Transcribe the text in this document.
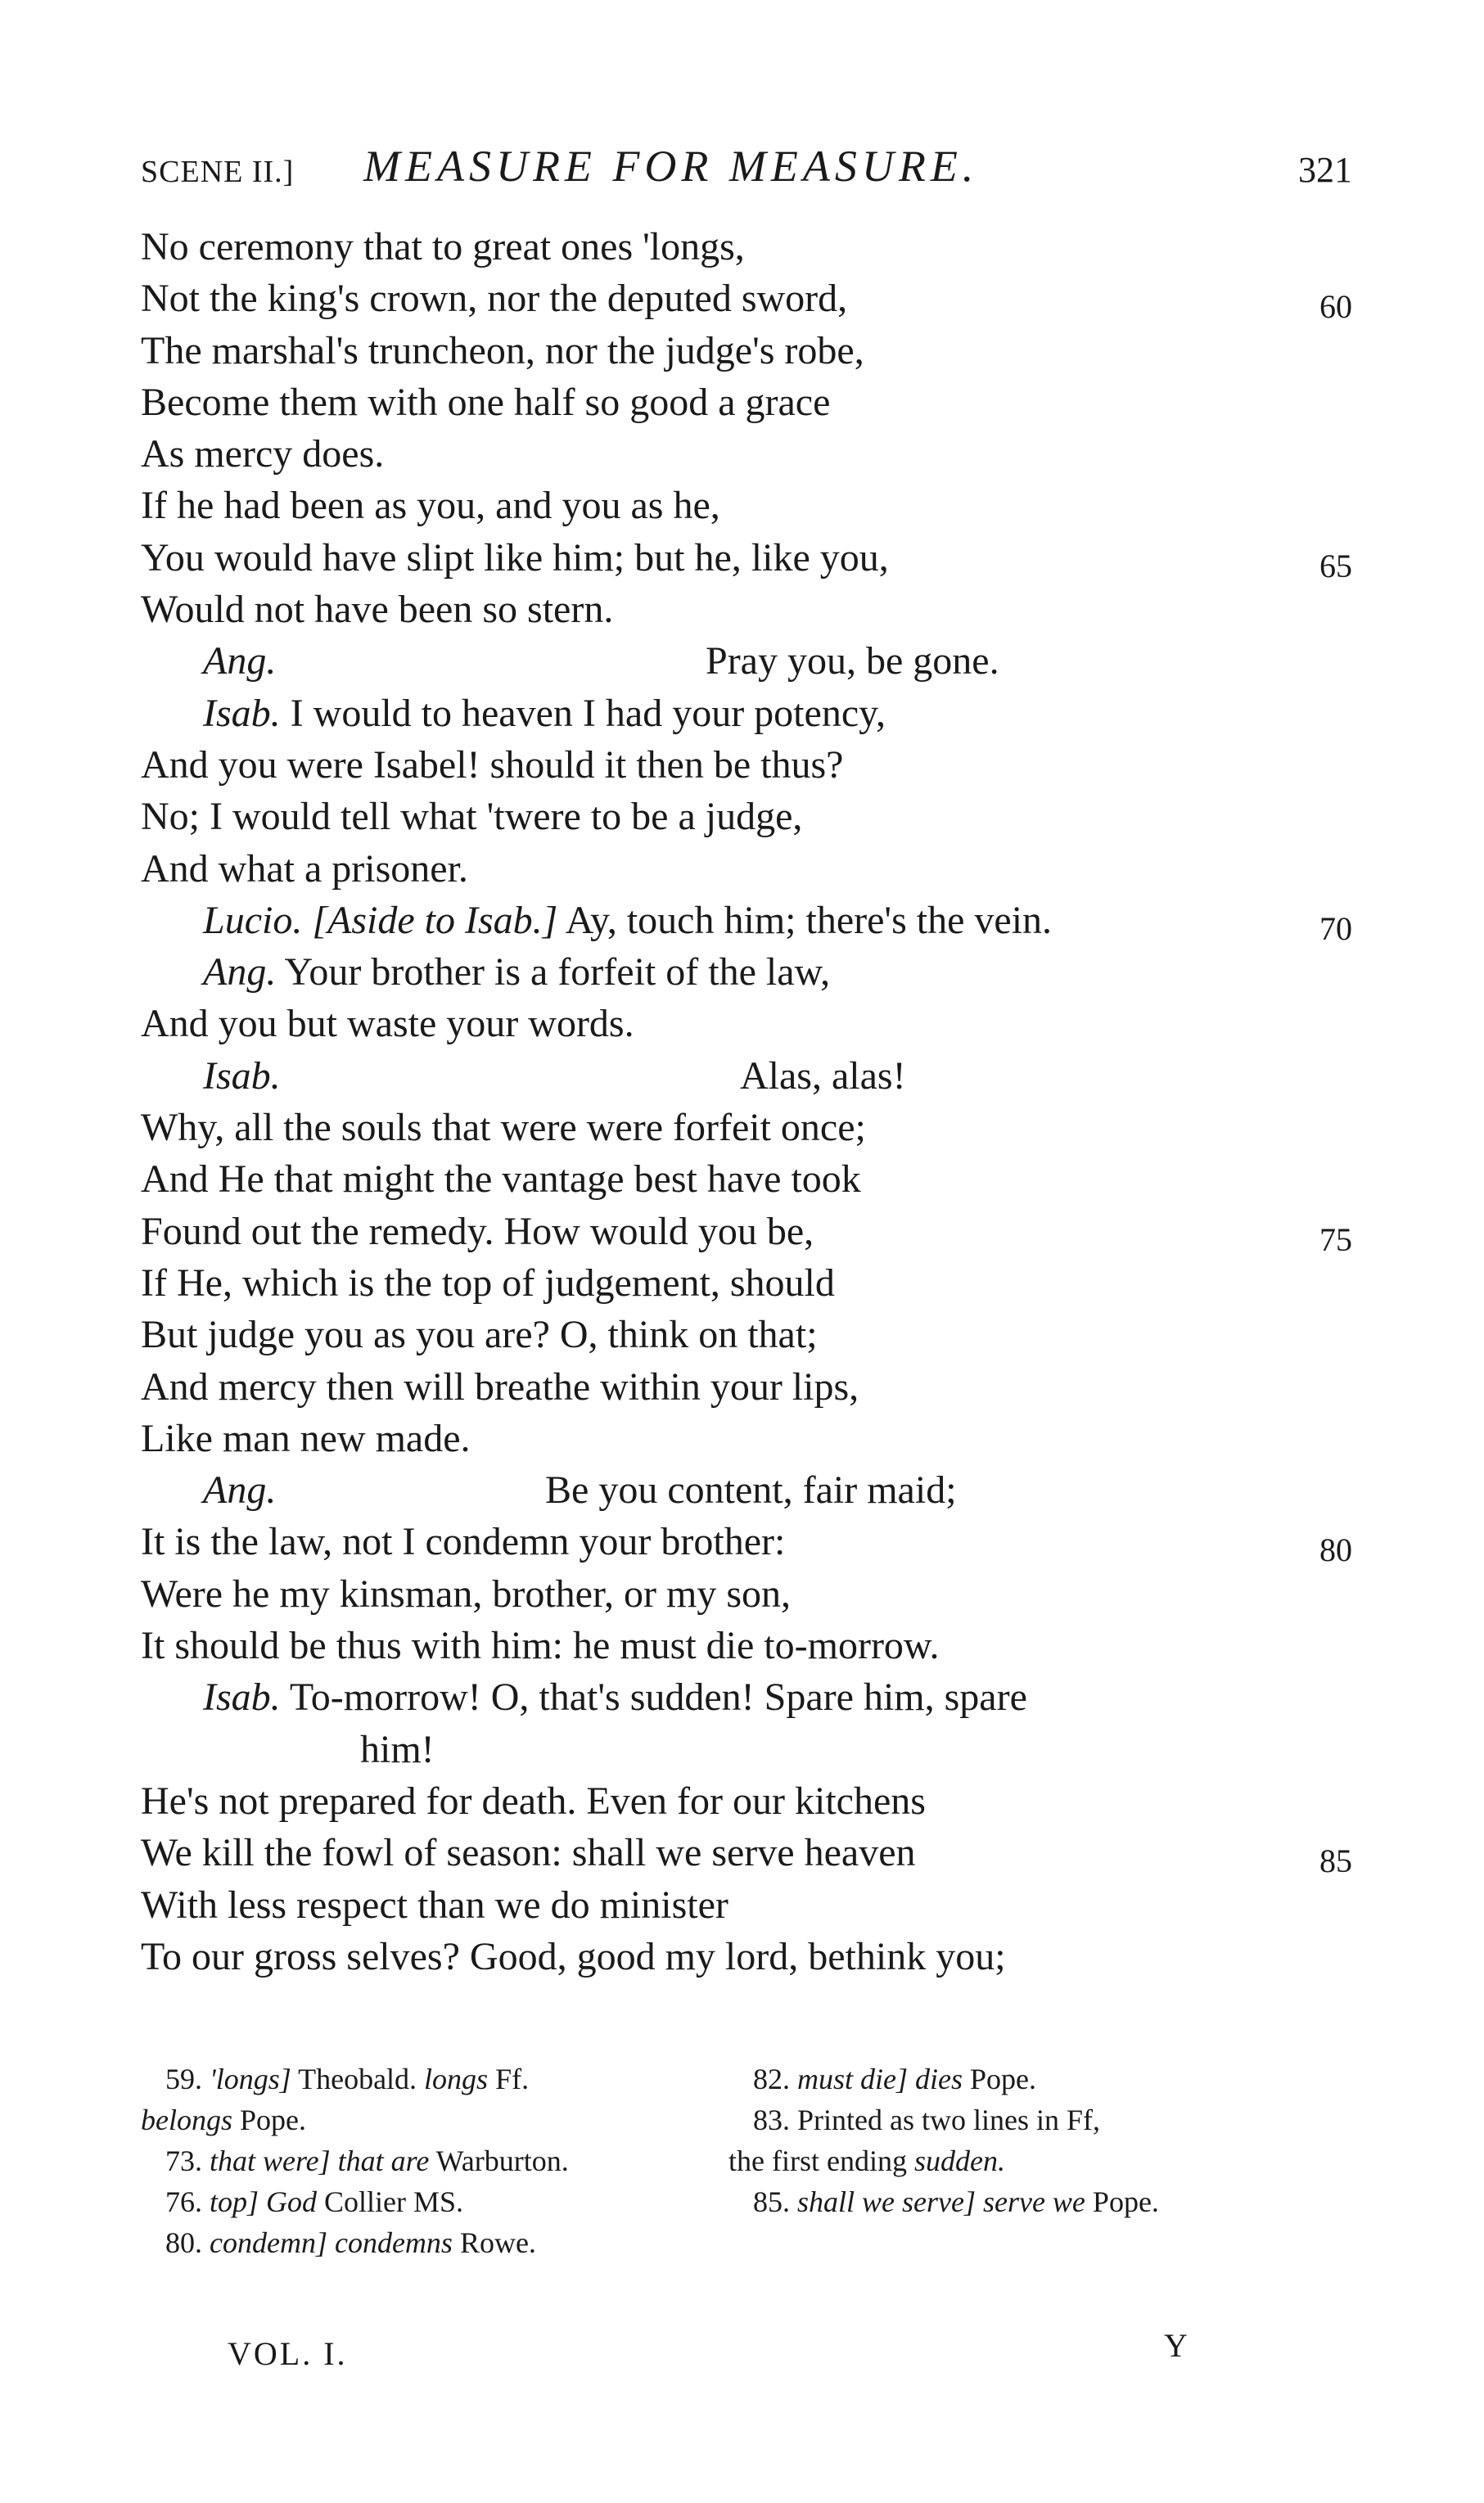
SCENE II.] MEASURE FOR MEASURE.	321
No ceremony that to great ones 'longs,
Not the king's crown, nor the deputed sword,	60
The marshal's truncheon, nor the judge's robe,
Become them with one half so good a grace
As mercy does.
If he had been as you, and you as he,
You would have slipt like him; but he, like you,	65
Would not have been so stern.
Ang.	Pray you, be gone.
Isab. I would to heaven I had your potency,
And you were Isabel! should it then be thus?
No; I would tell what 'twere to be a judge,
And what a prisoner.
Lucio. [Aside to Isab.] Ay, touch him; there's the vein.	70
Ang. Your brother is a forfeit of the law,
And you but waste your words.
Isab.	Alas, alas!
Why, all the souls that were were forfeit once;
And He that might the vantage best have took
Found out the remedy. How would you be,	75
If He, which is the top of judgement, should
But judge you as you are? O, think on that;
And mercy then will breathe within your lips,
Like man new made.
Ang.	Be you content, fair maid;
It is the law, not I condemn your brother:	80
Were he my kinsman, brother, or my son,
It should be thus with him: he must die to-morrow.
Isab. To-morrow! O, that's sudden! Spare him, spare
him!
He's not prepared for death. Even for our kitchens
We kill the fowl of season: shall we serve heaven	85
With less respect than we do minister
To our gross selves? Good, good my lord, bethink you;
59. 'longs] Theobald. longs Ff.
belongs Pope.
73. that were] that are Warburton.
76. top] God Collier MS.
80. condemn] condemns Rowe.
82. must die] dies Pope.
83. Printed as two lines in Ff,
the first ending sudden.
85. shall we serve] serve we Pope.
VOL. I.	Y
